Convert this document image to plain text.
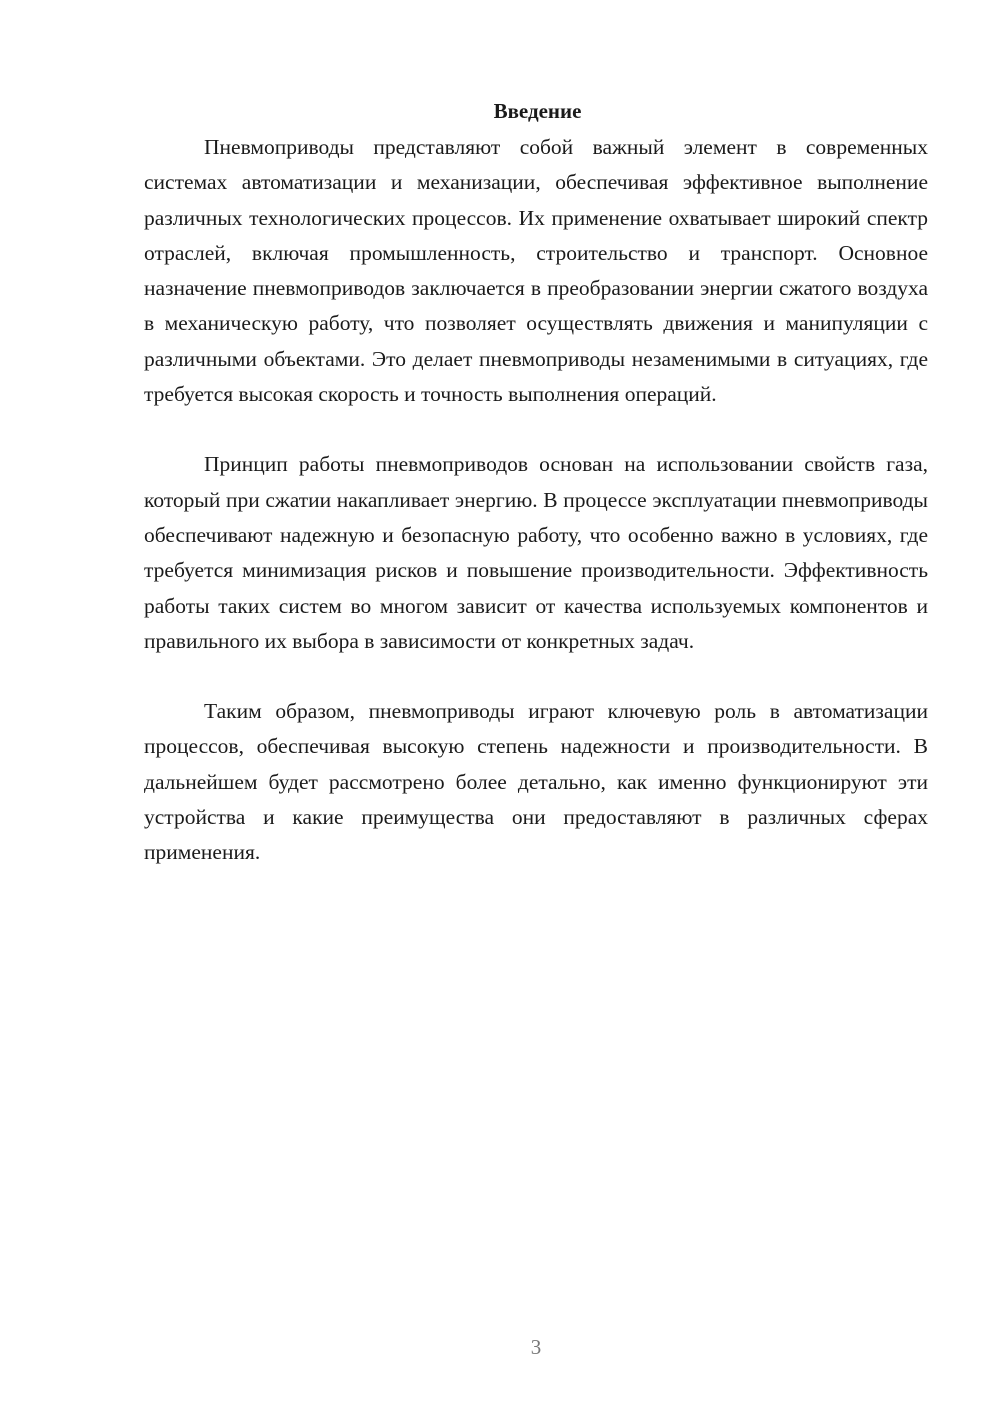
Введение

Пневмоприводы представляют собой важный элемент в современных системах автоматизации и механизации, обеспечивая эффективное выполнение различных технологических процессов. Их применение охватывает широкий спектр отраслей, включая промышленность, строительство и транспорт. Основное назначение пневмоприводов заключается в преобразовании энергии сжатого воздуха в механическую работу, что позволяет осуществлять движения и манипуляции с различными объектами. Это делает пневмоприводы незаменимыми в ситуациях, где требуется высокая скорость и точность выполнения операций.

Принцип работы пневмоприводов основан на использовании свойств газа, который при сжатии накапливает энергию. В процессе эксплуатации пневмоприводы обеспечивают надежную и безопасную работу, что особенно важно в условиях, где требуется минимизация рисков и повышение производительности. Эффективность работы таких систем во многом зависит от качества используемых компонентов и правильного их выбора в зависимости от конкретных задач.

Таким образом, пневмоприводы играют ключевую роль в автоматизации процессов, обеспечивая высокую степень надежности и производительности. В дальнейшем будет рассмотрено более детально, как именно функционируют эти устройства и какие преимущества они предоставляют в различных сферах применения.

3
